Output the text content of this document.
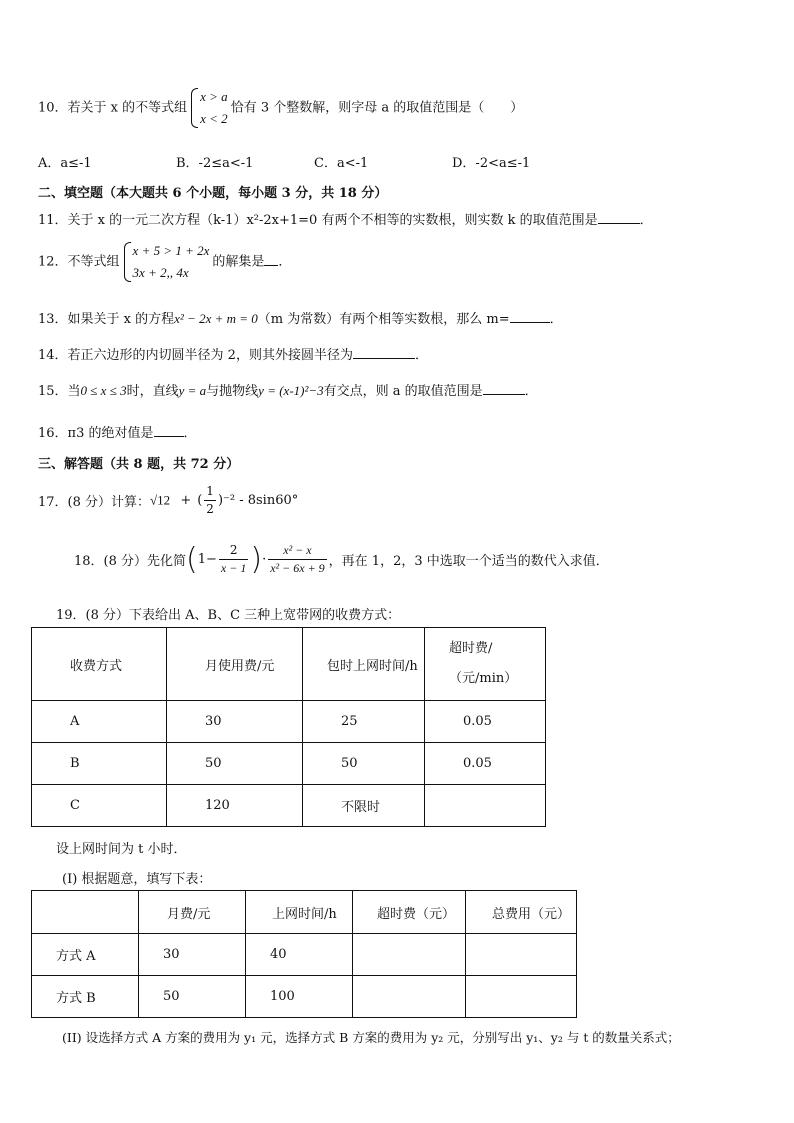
10．若关于 x 的不等式组
x > a
x < 2
恰有 3 个整数解，则字母 a 的取值范围是（　　）
A．a≤-1	B．-2≤a<-1	C．a<-1	D．-2<a≤-1
二、填空题（本大题共 6 个小题，每小题 3 分，共 18 分）
11．关于 x 的一元二次方程（k-1）x²-2x+1=0 有两个不相等的实数根，则实数 k 的取值范围是	．
12．不等式组
x + 5 > 1 + 2x
3x + 2,, 4x
的解集是 ．
13．如果关于 x 的方程x² − 2x + m = 0（m 为常数）有两个相等实数根，那么 m=	．
14．若正六边形的内切圆半径为 2，则其外接圆半径为	．
15．当0 ≤ x ≤ 3时，直线y = a与抛物线y = (x-1)²−3有交点，则 a 的取值范围是	．
16．π3 的绝对值是 ．
三、解答题（共 8 题，共 72 分）
17．(8 分）计算：√12 + ( $\frac{1}{2} )^{-2} - 8\sin 60^\circ$
18．(8 分）先化简($1- \frac{2}{x - 1}$ )· $\frac{\text{x² − x}}{\text{x² − 6x + 9}}$ ，再在 1，2，3 中选取一个适当的数代入求值．
19．(8 分）下表给出 A、B、C 三种上宽带网的收费方式：
收费方式	月使用费/元	包时上网时间/h	超时费/（元/min）

A	30	25	0.05
B	50	50	0.05
C	120	不限时	
设上网时间为 t 小时．
(I) 根据题意，填写下表：
	月费/元	上网时间/h	超时费（元）	总费用（元）
方式 A	30	40		
方式 B	50	100		
(II) 设选择方式 A 方案的费用为 y₁ 元，选择方式 B 方案的费用为 y₂ 元，分别写出 y₁、y₂ 与 t 的数量关系式；
